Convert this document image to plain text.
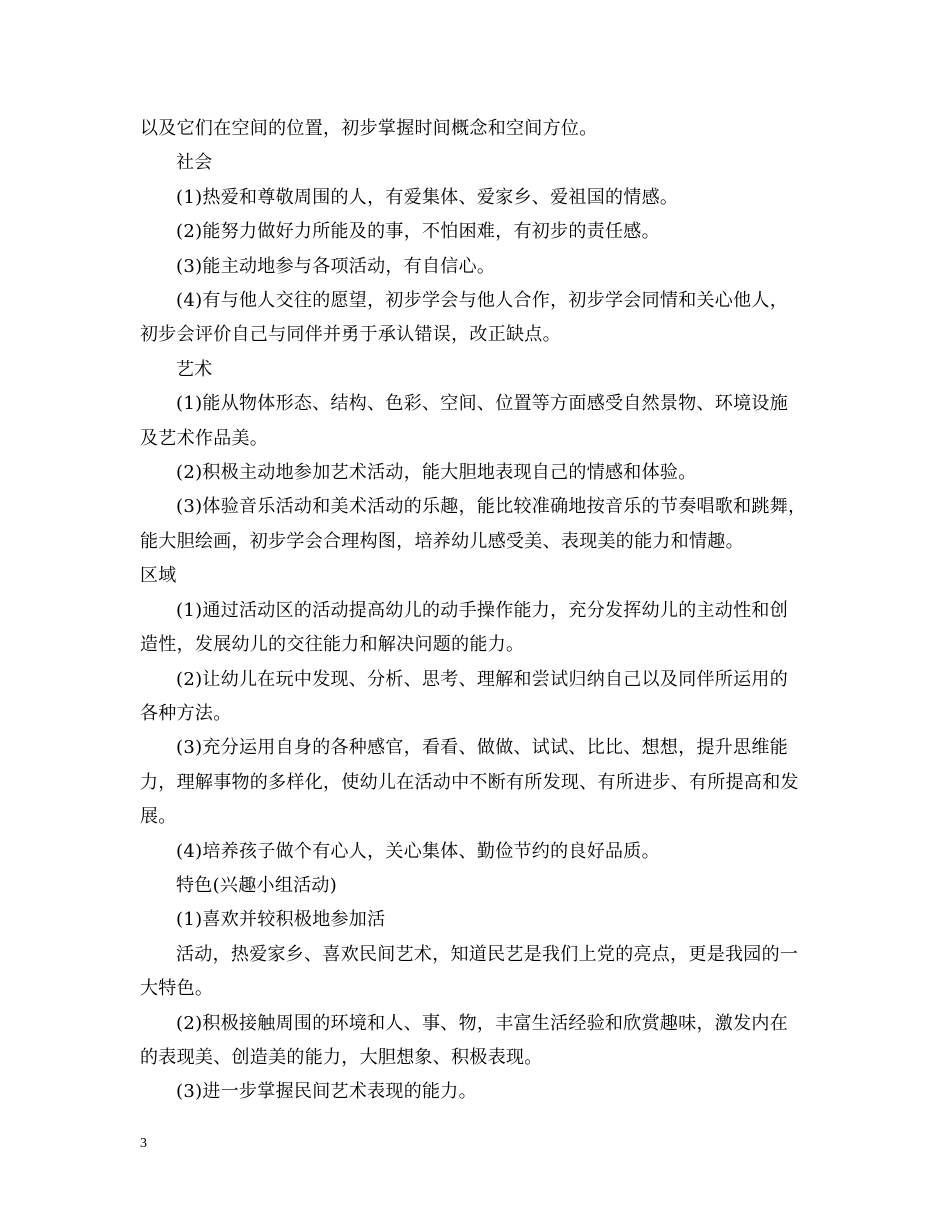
以及它们在空间的位置，初步掌握时间概念和空间方位。

社会

(1)热爱和尊敬周围的人，有爱集体、爱家乡、爱祖国的情感。

(2)能努力做好力所能及的事，不怕困难，有初步的责任感。

(3)能主动地参与各项活动，有自信心。

(4)有与他人交往的愿望，初步学会与他人合作，初步学会同情和关心他人，

初步会评价自己与同伴并勇于承认错误，改正缺点。

艺术

(1)能从物体形态、结构、色彩、空间、位置等方面感受自然景物、环境设施

及艺术作品美。

(2)积极主动地参加艺术活动，能大胆地表现自己的情感和体验。

(3)体验音乐活动和美术活动的乐趣，能比较准确地按音乐的节奏唱歌和跳舞，

能大胆绘画，初步学会合理构图，培养幼儿感受美、表现美的能力和情趣。

区域

(1)通过活动区的活动提高幼儿的动手操作能力，充分发挥幼儿的主动性和创

造性，发展幼儿的交往能力和解决问题的能力。

(2)让幼儿在玩中发现、分析、思考、理解和尝试归纳自己以及同伴所运用的

各种方法。

(3)充分运用自身的各种感官，看看、做做、试试、比比、想想，提升思维能

力，理解事物的多样化，使幼儿在活动中不断有所发现、有所进步、有所提高和发

展。

(4)培养孩子做个有心人，关心集体、勤俭节约的良好品质。

特色(兴趣小组活动)

(1)喜欢并较积极地参加活

活动，热爱家乡、喜欢民间艺术，知道民艺是我们上党的亮点，更是我园的一

大特色。

(2)积极接触周围的环境和人、事、物，丰富生活经验和欣赏趣味，激发内在

的表现美、创造美的能力，大胆想象、积极表现。

(3)进一步掌握民间艺术表现的能力。

3
